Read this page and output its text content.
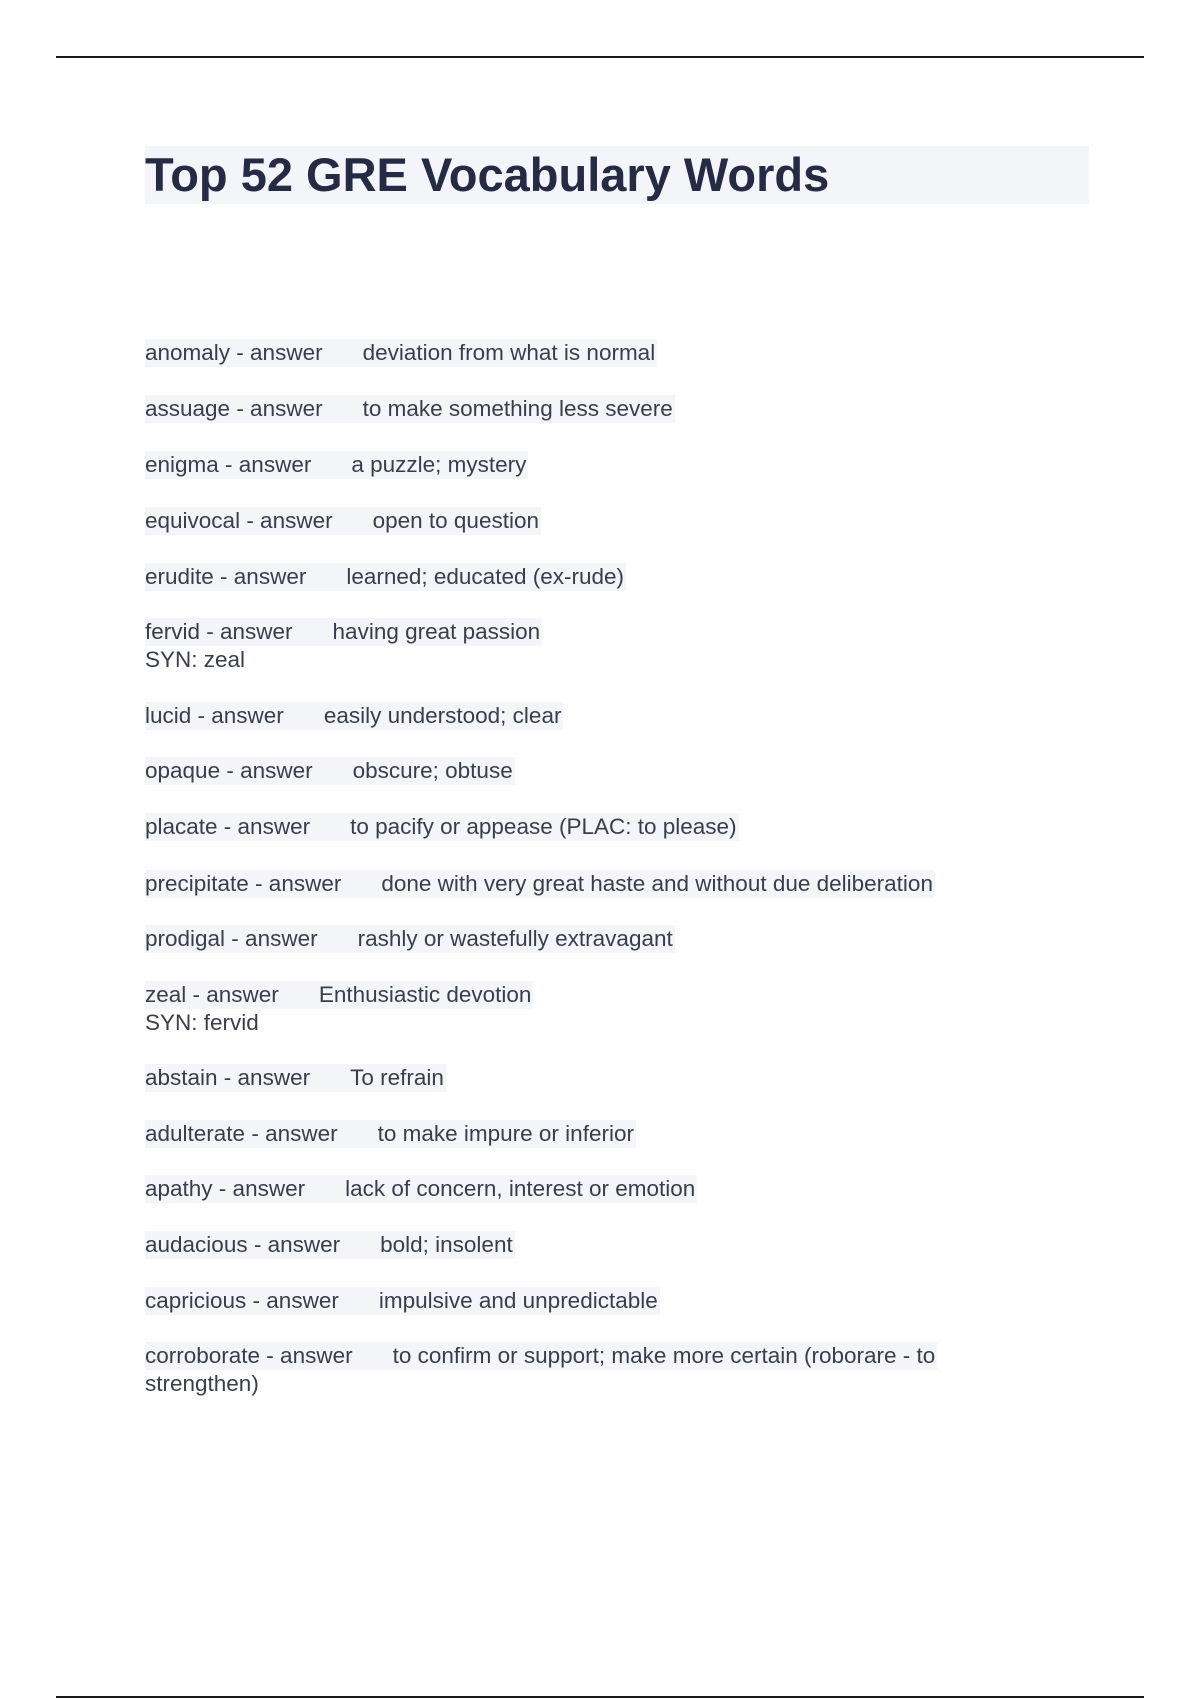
Top 52 GRE Vocabulary Words
anomaly - answer deviation from what is normal
assuage - answer to make something less severe
enigma - answer a puzzle; mystery
equivocal - answer open to question
erudite - answer learned; educated (ex-rude)
fervid - answer having great passion
SYN: zeal
lucid - answer easily understood; clear
opaque - answer obscure; obtuse
placate - answer to pacify or appease (PLAC: to please)
precipitate - answer done with very great haste and without due deliberation
prodigal - answer rashly or wastefully extravagant
zeal - answer Enthusiastic devotion
SYN: fervid
abstain - answer To refrain
adulterate - answer to make impure or inferior
apathy - answer lack of concern, interest or emotion
audacious - answer bold; insolent
capricious - answer impulsive and unpredictable
corroborate - answer to confirm or support; make more certain (roborare - to
strengthen)
